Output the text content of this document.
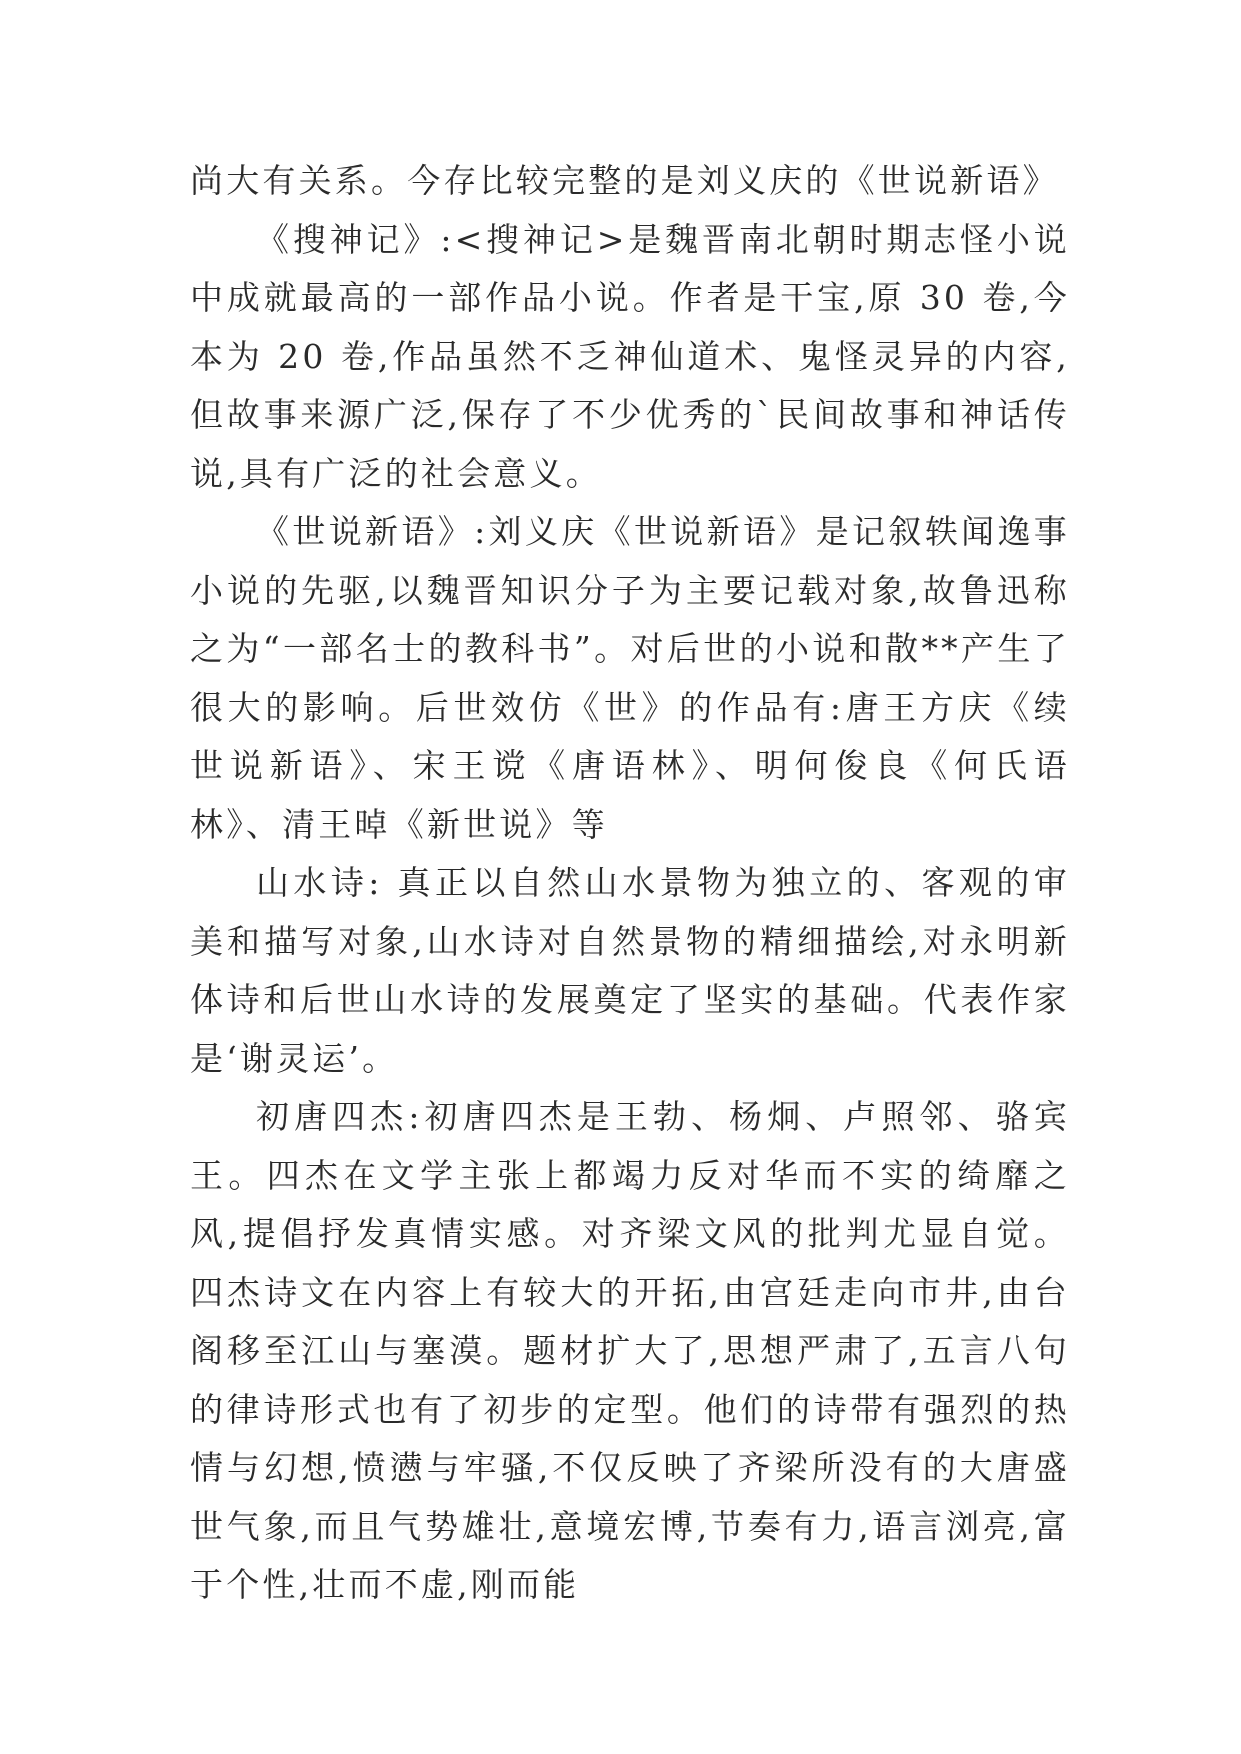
尚大有关系。今存比较完整的是刘义庆的《世说新语》

《搜神记》:<搜神记>是魏晋南北朝时期志怪小说中成就最高的一部作品小说。作者是干宝,原 30 卷,今本为 20 卷,作品虽然不乏神仙道术、鬼怪灵异的内容,但故事来源广泛,保存了不少优秀的`民间故事和神话传说,具有广泛的社会意义。

《世说新语》:刘义庆《世说新语》是记叙轶闻逸事小说的先驱,以魏晋知识分子为主要记载对象,故鲁迅称之为“一部名士的教科书”。对后世的小说和散**产生了很大的影响。后世效仿《世》的作品有:唐王方庆《续世说新语》、宋王谠《唐语林》、明何俊良《何氏语林》、清王晫《新世说》等

山水诗: 真正以自然山水景物为独立的、客观的审美和描写对象,山水诗对自然景物的精细描绘,对永明新体诗和后世山水诗的发展奠定了坚实的基础。代表作家是‘谢灵运’。

初唐四杰:初唐四杰是王勃、杨炯、卢照邻、骆宾王。四杰在文学主张上都竭力反对华而不实的绮靡之风,提倡抒发真情实感。对齐梁文风的批判尤显自觉。四杰诗文在内容上有较大的开拓,由宫廷走向市井,由台阁移至江山与塞漠。题材扩大了,思想严肃了,五言八句的律诗形式也有了初步的定型。他们的诗带有强烈的热情与幻想,愤懑与牢骚,不仅反映了齐梁所没有的大唐盛世气象,而且气势雄壮,意境宏博,节奏有力,语言浏亮,富于个性,壮而不虚,刚而能
